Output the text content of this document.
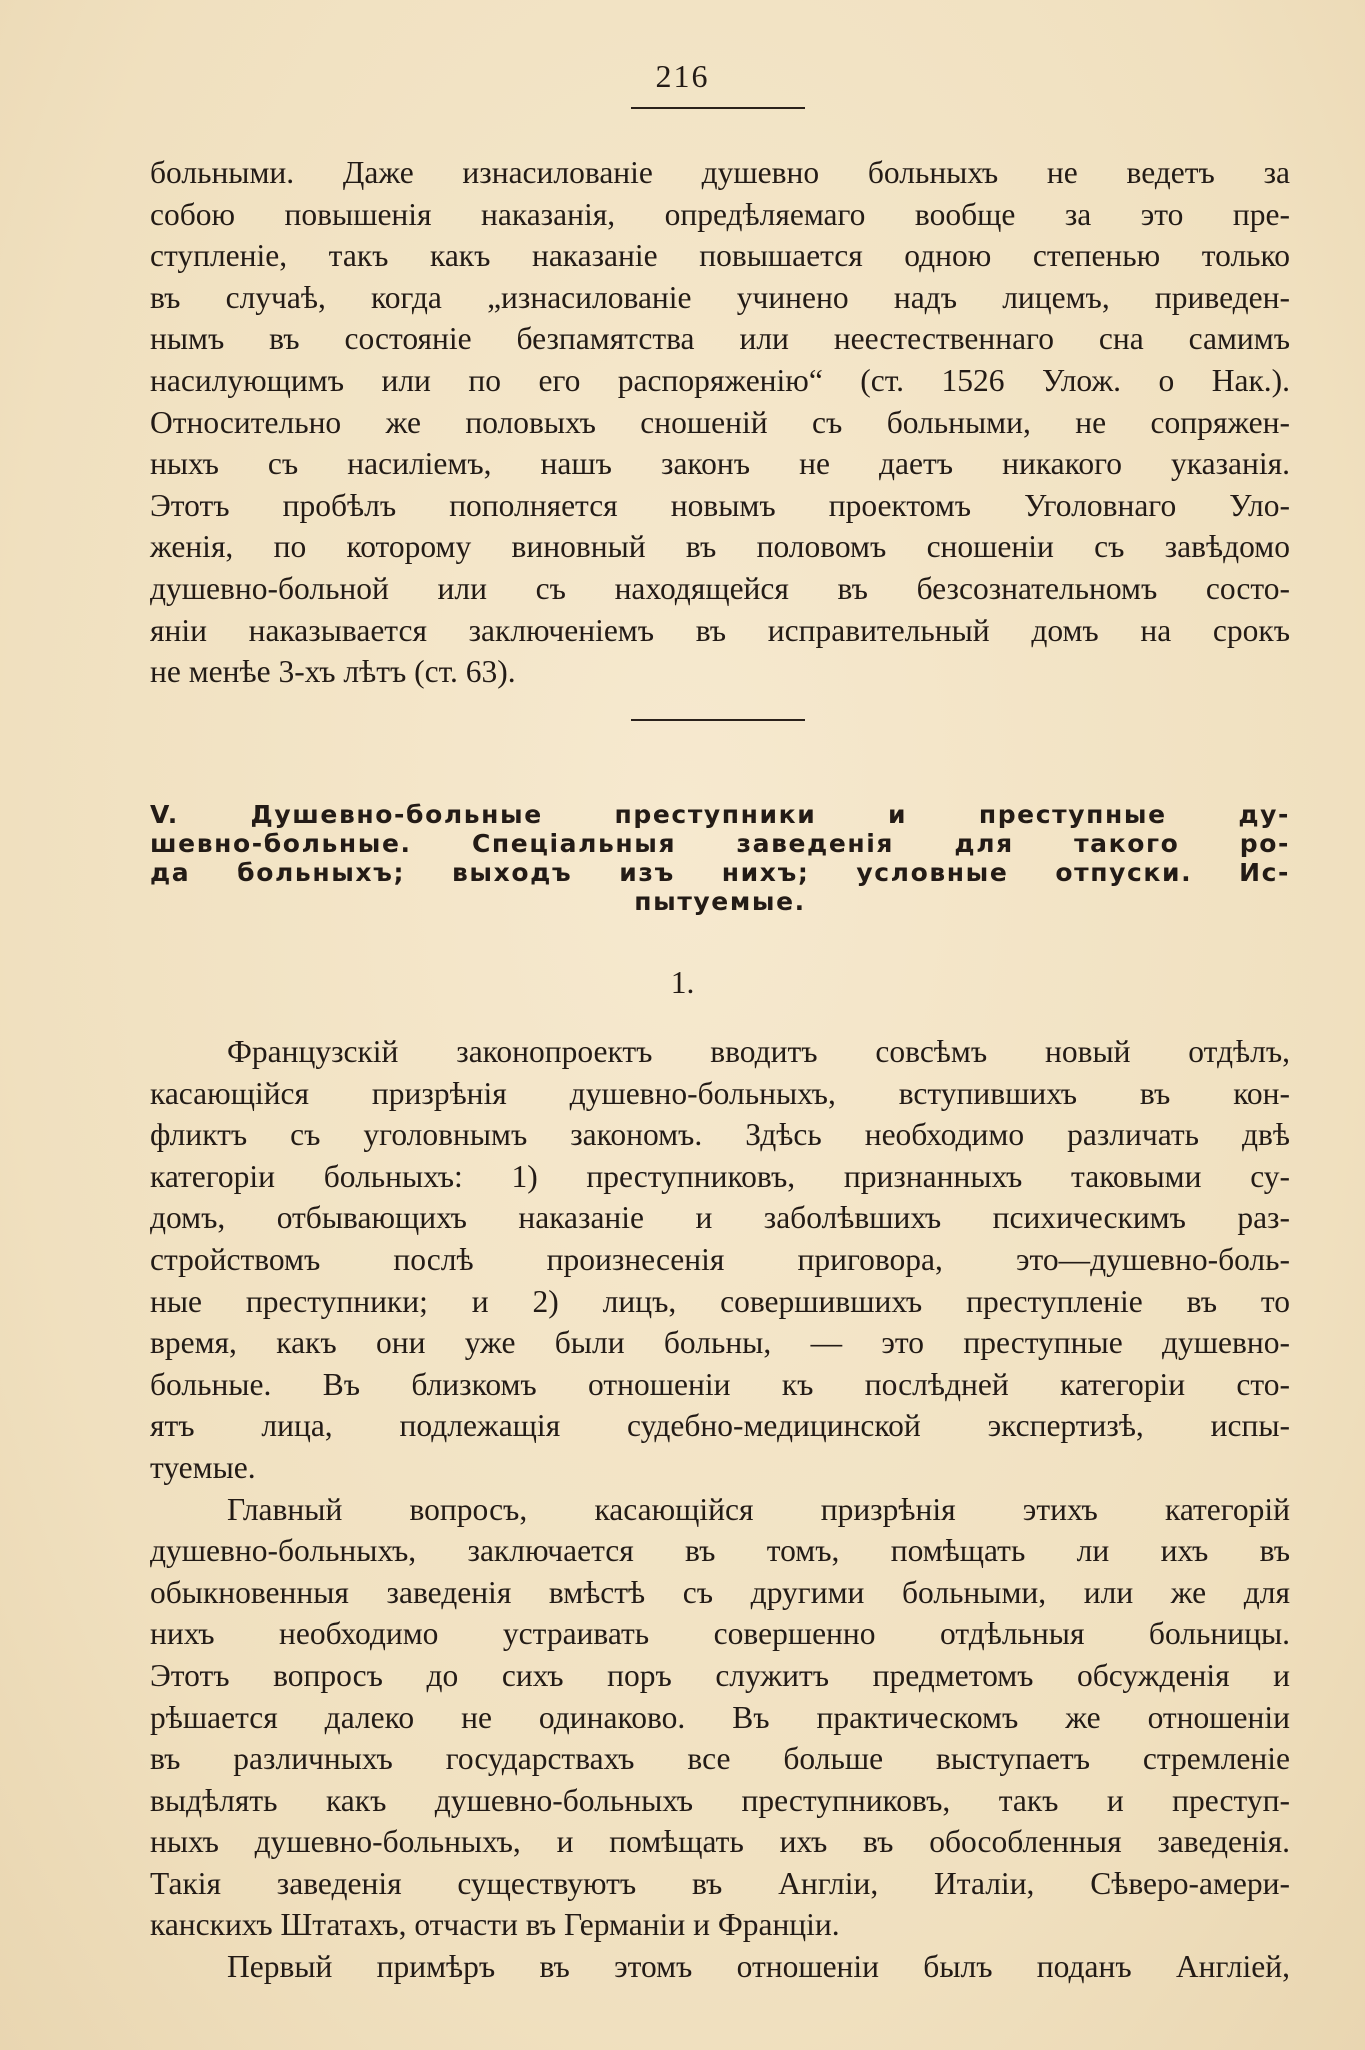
216
больными. Даже изнасилованіе душевно больныхъ не ведетъ за
собою повышенія наказанія, опредѣляемаго вообще за это пре-
ступленіе, такъ какъ наказаніе повышается одною степенью только
въ случаѣ, когда „изнасилованіе учинено надъ лицемъ, приведен-
нымъ въ состояніе безпамятства или неестественнаго сна самимъ
насилующимъ или по его распоряженію“ (ст. 1526 Улож. о Нак.).
Относительно же половыхъ сношеній съ больными, не сопряжен-
ныхъ съ насиліемъ, нашъ законъ не даетъ никакого указанія.
Этотъ пробѣлъ пополняется новымъ проектомъ Уголовнаго Уло-
женія, по которому виновный въ половомъ сношеніи съ завѣдомо
душевно-больной или съ находящейся въ безсознательномъ состо-
яніи наказывается заключеніемъ въ исправительный домъ на срокъ
не менѣе 3-хъ лѣтъ (ст. 63).
V. Душевно-больные преступники и преступные ду-
шевно-больные. Спеціальныя заведенія для такого ро-
да больныхъ; выходъ изъ нихъ; условные отпуски. Ис-
пытуемые.
1.
Французскій законопроектъ вводитъ совсѣмъ новый отдѣлъ,
касающійся призрѣнія душевно-больныхъ, вступившихъ въ кон-
фликтъ съ уголовнымъ закономъ. Здѣсь необходимо различать двѣ
категоріи больныхъ: 1) преступниковъ, признанныхъ таковыми су-
домъ, отбывающихъ наказаніе и заболѣвшихъ психическимъ раз-
стройствомъ послѣ произнесенія приговора, это—душевно-боль-
ные преступники; и 2) лицъ, совершившихъ преступленіе въ то
время, какъ они уже были больны, — это преступные душевно-
больные. Въ близкомъ отношеніи къ послѣдней категоріи сто-
ятъ лица, подлежащія судебно-медицинской экспертизѣ, испы-
туемые.
Главный вопросъ, касающійся призрѣнія этихъ категорій
душевно-больныхъ, заключается въ томъ, помѣщать ли ихъ въ
обыкновенныя заведенія вмѣстѣ съ другими больными, или же для
нихъ необходимо устраивать совершенно отдѣльныя больницы.
Этотъ вопросъ до сихъ поръ служитъ предметомъ обсужденія и
рѣшается далеко не одинаково. Въ практическомъ же отношеніи
въ различныхъ государствахъ все больше выступаетъ стремленіе
выдѣлять какъ душевно-больныхъ преступниковъ, такъ и преступ-
ныхъ душевно-больныхъ, и помѣщать ихъ въ обособленныя заведенія.
Такія заведенія существуютъ въ Англіи, Италіи, Сѣверо-амери-
канскихъ Штатахъ, отчасти въ Германіи и Франціи.
Первый примѣръ въ этомъ отношеніи былъ поданъ Англіей,
